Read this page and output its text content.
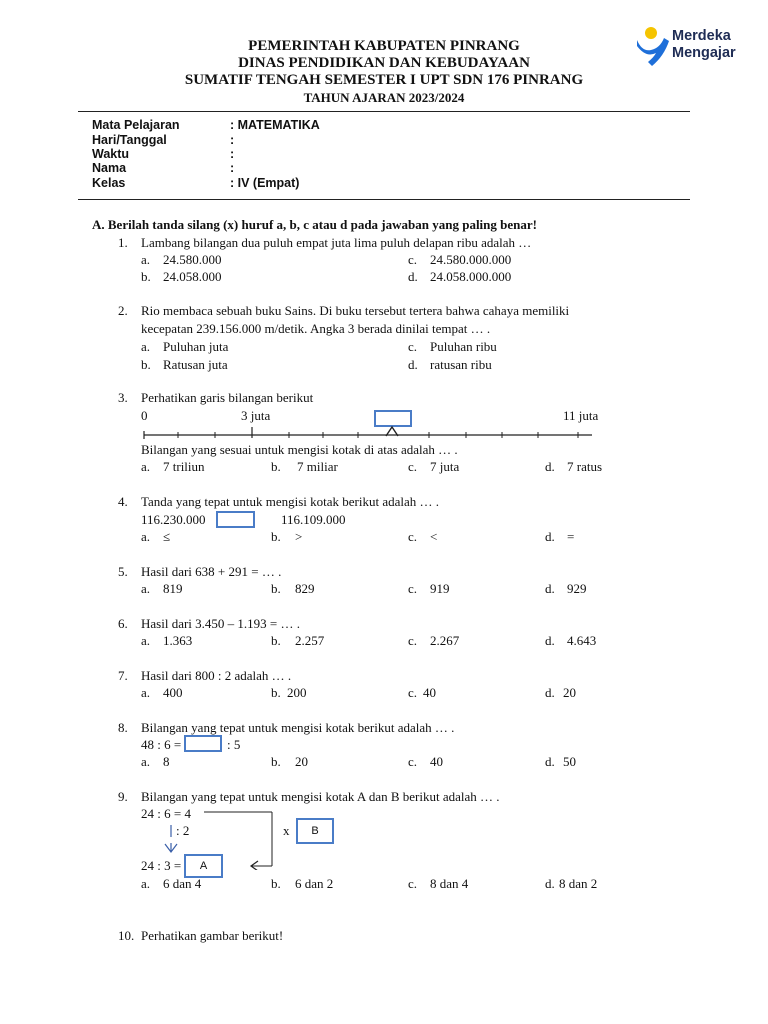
PEMERINTAH KABUPATEN PINRANG
DINAS PENDIDIKAN DAN KEBUDAYAAN
SUMATIF TENGAH SEMESTER I UPT SDN 176 PINRANG
TAHUN AJARAN 2023/2024
Merdeka
Mengajar
Mata Pelajaran	: MATEMATIKA
Hari/Tanggal	:
Waktu	:
Nama	:
Kelas	: IV (Empat)
A. Berilah tanda silang (x) huruf a, b, c atau d pada jawaban yang paling benar!
1. Lambang bilangan dua puluh empat juta lima puluh delapan ribu adalah …
a. 24.580.000
b. 24.058.000
c. 24.580.000.000
d. 24.058.000.000
2. Rio membaca sebuah buku Sains. Di buku tersebut tertera bahwa cahaya memiliki
kecepatan 239.156.000 m/detik. Angka 3 berada dinilai tempat … .
a. Puluhan juta
b. Ratusan juta
c. Puluhan ribu
d. ratusan ribu
3. Perhatikan garis bilangan berikut
0	3 juta	11 juta
Bilangan yang sesuai untuk mengisi kotak di atas adalah … .
a. 7 triliun	b. 7 miliar	c. 7 juta	d. 7 ratus
4. Tanda yang tepat untuk mengisi kotak berikut adalah … .
116.230.000	116.109.000
a. ≤	b. >	c. <	d. =
5. Hasil dari 638 + 291 = … .
a. 819	b. 829	c. 919	d. 929
6. Hasil dari 3.450 – 1.193 = … .
a. 1.363	b. 2.257	c. 2.267	d. 4.643
7. Hasil dari 800 : 2 adalah … .
a. 400	b. 200	c. 40	d. 20
8. Bilangan yang tepat untuk mengisi kotak berikut adalah … .
48 : 6 =	: 5
a. 8	b. 20	c. 40	d. 50
9. Bilangan yang tepat untuk mengisi kotak A dan B berikut adalah … .
24 : 6 = 4
: 2	x	B
24 : 3 =	A
a. 6 dan 4	b. 6 dan 2	c. 8 dan 4	d. 8 dan 2
10. Perhatikan gambar berikut!
